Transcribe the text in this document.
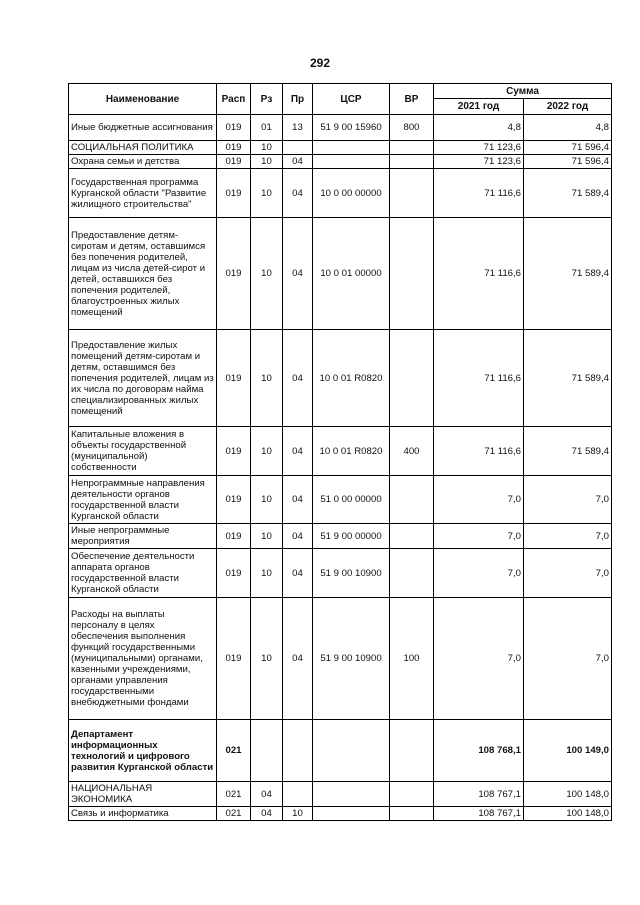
292
Наименование	Расп	Рз	Пр	ЦСР	ВР	Сумма	
						2021 год	2022 год
Иные бюджетные ассигнования	019	01	13	51 9 00 15960	800	4,8	4,8
СОЦИАЛЬНАЯ ПОЛИТИКА	019	10				71 123,6	71 596,4
Охрана семьи и детства	019	10	04			71 123,6	71 596,4
Государственная программа Курганской области "Развитие жилищного строительства"	019	10	04	10 0 00 00000		71 116,6	71 589,4
Предоставление детям-сиротам и детям, оставшимся без попечения родителей, лицам из числа детей-сирот и детей, оставшихся без попечения родителей, благоустроенных жилых помещений	019	10	04	10 0 01 00000		71 116,6	71 589,4
Предоставление жилых помещений детям-сиротам и детям, оставшимся без попечения родителей, лицам из их числа по договорам найма специализированных жилых помещений	019	10	04	10 0 01 R0820		71 116,6	71 589,4
Капитальные вложения в объекты государственной (муниципальной) собственности	019	10	04	10 0 01 R0820	400	71 116,6	71 589,4
Непрограммные направления деятельности органов государственной власти Курганской области	019	10	04	51 0 00 00000		7,0	7,0
Иные непрограммные мероприятия	019	10	04	51 9 00 00000		7,0	7,0
Обеспечение деятельности аппарата органов государственной власти Курганской области	019	10	04	51 9 00 10900		7,0	7,0
Расходы на выплаты персоналу в целях обеспечения выполнения функций государственными (муниципальными) органами, казенными учреждениями, органами управления государственными внебюджетными фондами	019	10	04	51 9 00 10900	100	7,0	7,0
Департамент информационных технологий и цифрового развития Курганской области	021					108 768,1	100 149,0
НАЦИОНАЛЬНАЯ ЭКОНОМИКА	021	04				108 767,1	100 148,0
Связь и информатика	021	04	10			108 767,1	100 148,0
